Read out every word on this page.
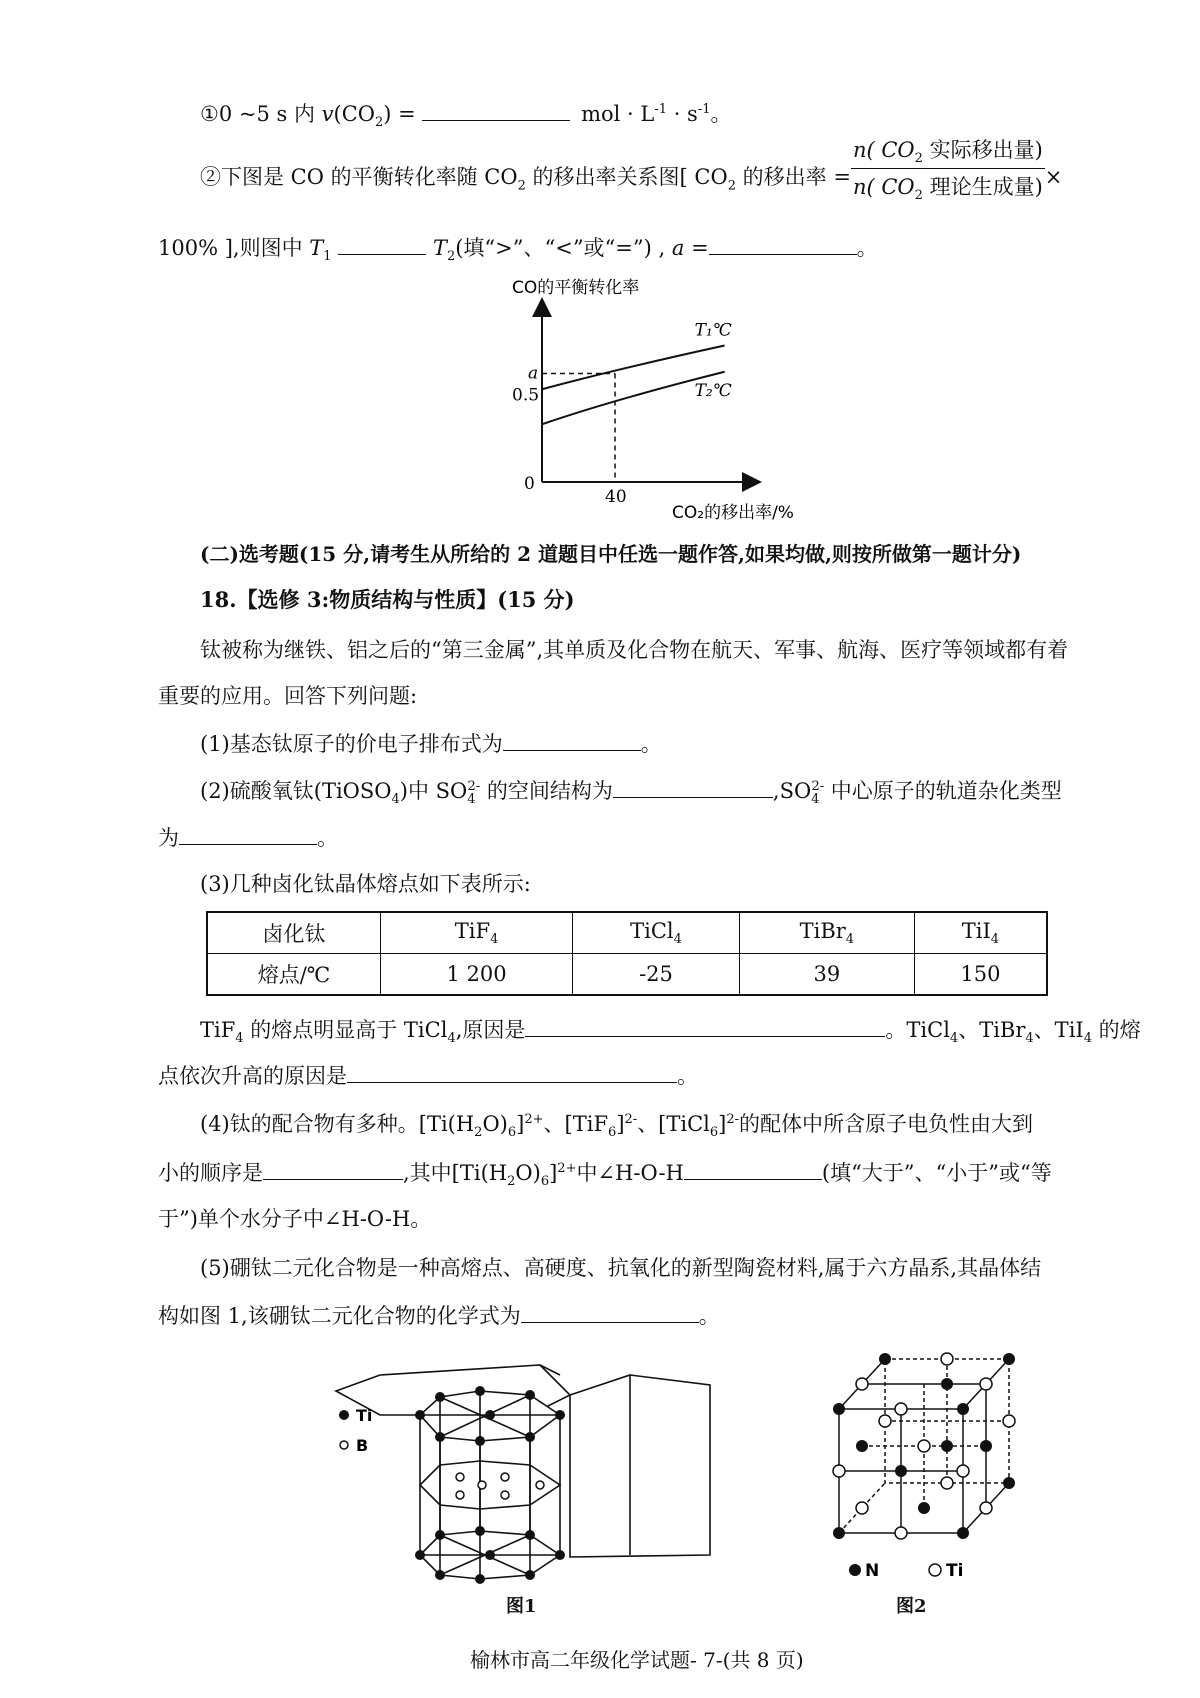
①0 ~5 s 内 $v(CO_2)$ =	mol · $L^{-1} \cdot s^{-1}$。
②下图是 CO 的平衡转化率随 $CO_2$ 的移出率关系图[ $CO_2$ 的移出率 = $\frac{n( CO_2 实际移出量)}{n( CO_2 理论生成量)}$ ×
100% ],则图中 $T_1$	$T_2$(填“>”、“<”或“=”) , a =	。
CO的平衡转化率
0
0.5
a
40
CO₂的移出率/%
T₁℃
T₂℃
(二)选考题(15 分,请考生从所给的 2 道题目中任选一题作答,如果均做,则按所做第一题计分)
18.【选修 3:物质结构与性质】(15 分)
钛被称为继铁、铝之后的“第三金属”,其单质及化合物在航天、军事、航海、医疗等领域都有着
重要的应用。回答下列问题:
(1)基态钛原子的价电子排布式为	。
(2)硫酸氧钛(TiOSO$_4$)中 $SO_4^{2-}$ 的空间结构为	$,SO_4^{2-}$ 中心原子的轨道杂化类型
为	。
(3)几种卤化钛晶体熔点如下表所示:
卤化钛	TiF$_4$	TiCl$_4$	TiBr$_4$	TiI$_4$
熔点/℃	1 200	-25	39	150
TiF$_4$ 的熔点明显高于 TiCl$_4$,原因是	。TiCl$_4$、TiBr$_4$、TiI$_4$ 的熔
点依次升高的原因是	。
(4)钛的配合物有多种。$[Ti(H_2O)_6]^{2+}$、$[TiF_6]^{2-}$、[TiCl$_6$]$^{2-}$的配体中所含原子电负性由大到
小的顺序是	,其中$[Ti(H_2O)_6]^{2+}$中∠H-O-H	(填“大于”、“小于”或“等
于”)单个水分子中∠H-O-H。
(5)硼钛二元化合物是一种高熔点、高硬度、抗氧化的新型陶瓷材料,属于六方晶系,其晶体结
构如图 1,该硼钛二元化合物的化学式为	。
Ti
B
图1
N	Ti
图2
榆林市高二年级化学试题- 7-(共 8 页)
